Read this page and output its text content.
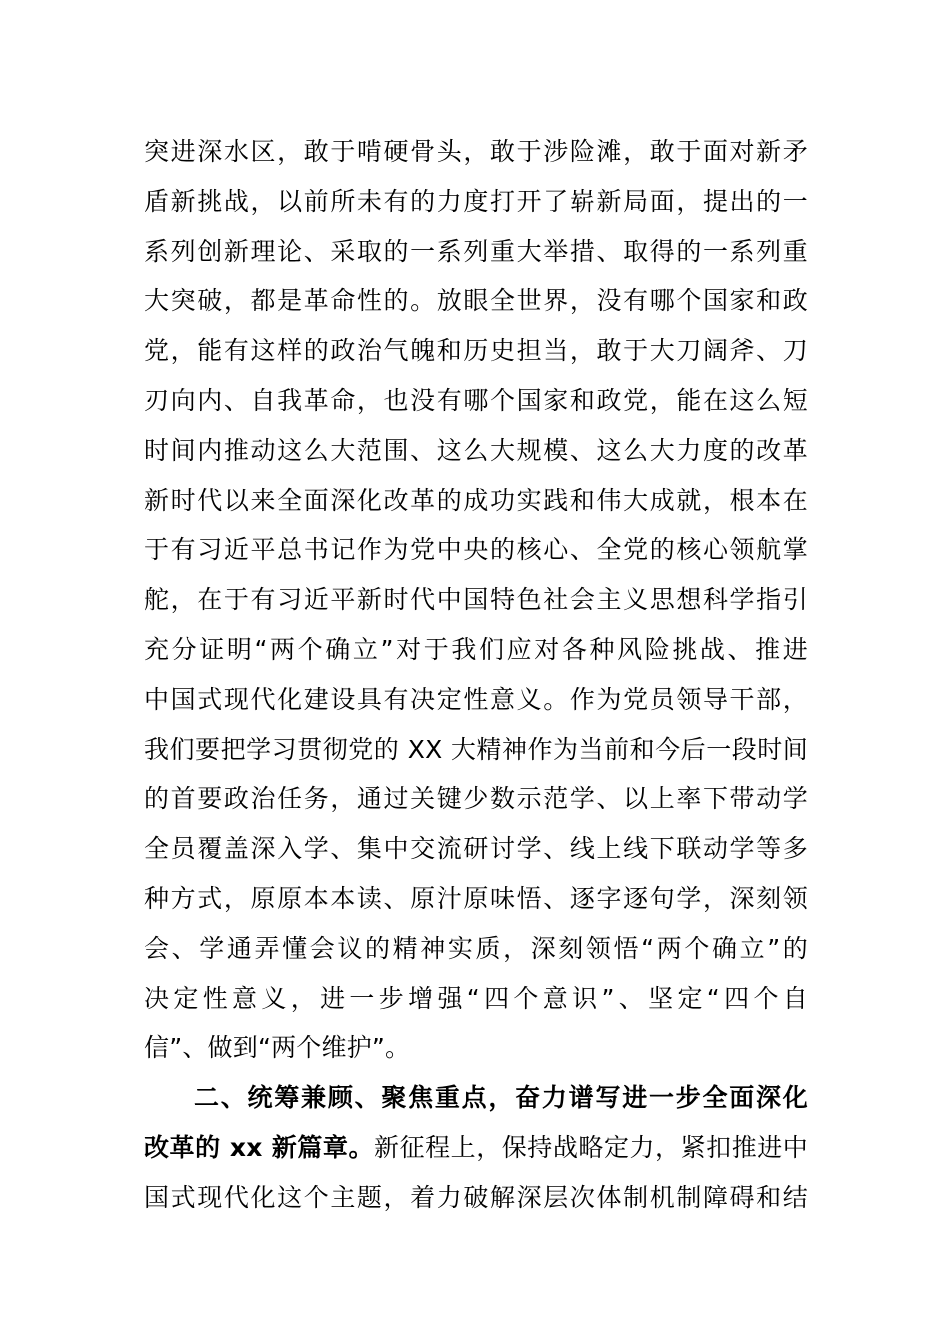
突进深水区，敢于啃硬骨头，敢于涉险滩，敢于面对新矛
盾新挑战，以前所未有的力度打开了崭新局面，提出的一
系列创新理论、采取的一系列重大举措、取得的一系列重
大突破，都是革命性的。放眼全世界，没有哪个国家和政
党，能有这样的政治气魄和历史担当，敢于大刀阔斧、刀
刃向内、自我革命，也没有哪个国家和政党，能在这么短
时间内推动这么大范围、这么大规模、这么大力度的改革
新时代以来全面深化改革的成功实践和伟大成就，根本在
于有习近平总书记作为党中央的核心、全党的核心领航掌
舵，在于有习近平新时代中国特色社会主义思想科学指引
充分证明“两个确立”对于我们应对各种风险挑战、推进
中国式现代化建设具有决定性意义。作为党员领导干部，
我们要把学习贯彻党的 XX 大精神作为当前和今后一段时间
的首要政治任务，通过关键少数示范学、以上率下带动学
全员覆盖深入学、集中交流研讨学、线上线下联动学等多
种方式，原原本本读、原汁原味悟、逐字逐句学，深刻领
会、学通弄懂会议的精神实质，深刻领悟“两个确立”的
决定性意义，进一步增强“四个意识”、坚定“四个自
信”、做到“两个维护”。
二、统筹兼顾、聚焦重点，奋力谱写进一步全面深化
改革的 xx 新篇章。新征程上，保持战略定力，紧扣推进中
国式现代化这个主题，着力破解深层次体制机制障碍和结
